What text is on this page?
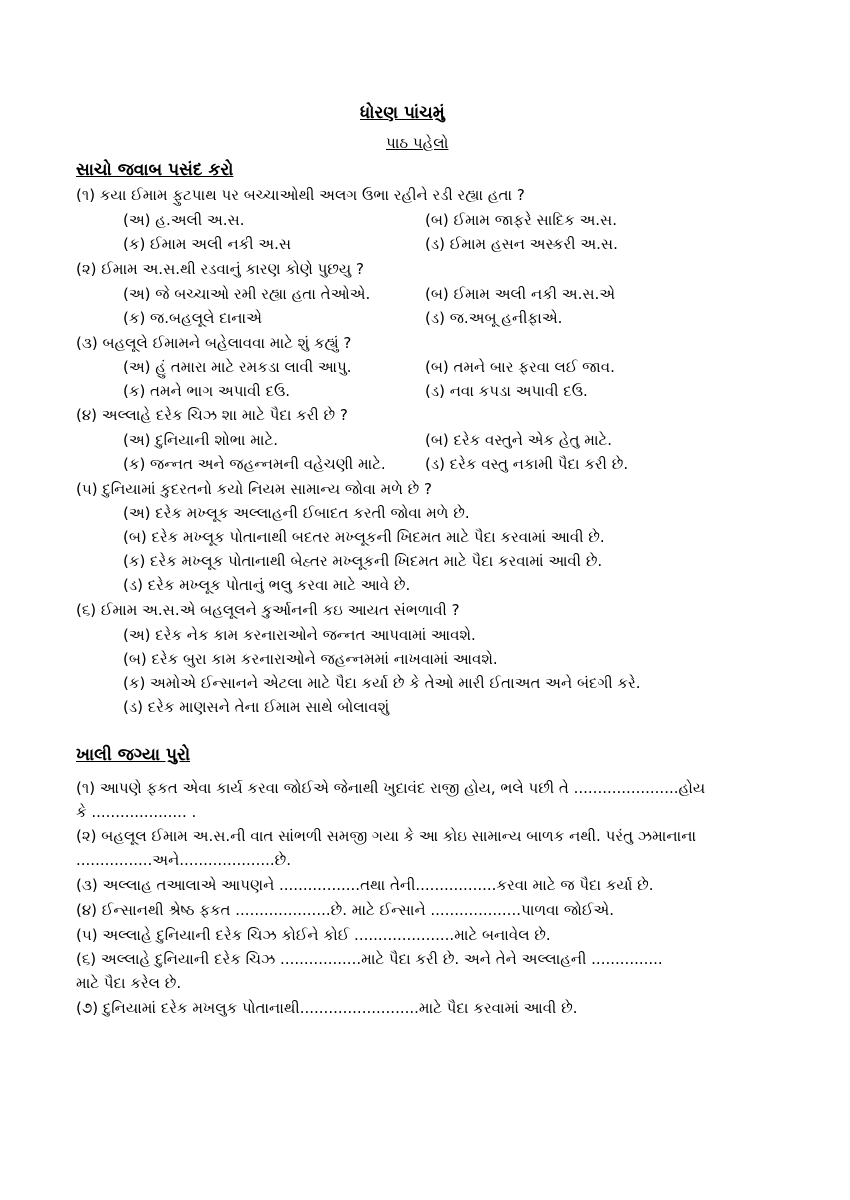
ધોરણ પાંચમું
પાઠ પહેલો
સાચો જવાબ પસંદ કરો
(૧) કયા ઈમામ ફુટપાથ પર બચ્ચાઓથી અલગ ઉભા રહીને રડી રહ્યા હતા ?
(અ) હ.અલી અ.સ.	(બ) ઈમામ જાફરે સાદિક અ.સ.
(ક) ઈમામ અલી નકી અ.સ	(ડ) ઈમામ હસન અસ્કરી અ.સ.
(૨) ઈમામ અ.સ.થી રડવાનું કારણ કોણે પુછયુ ?
(અ) જે બચ્ચાઓ રમી રહ્યા હતા તેઓએ.	(બ) ઈમામ અલી નકી અ.સ.એ
(ક) જ.બહલૂલે દાનાએ	(ડ) જ.અબૂ હનીફાએ.
(૩) બહલૂલે ઈમામને બહેલાવવા માટે શું કહ્યું ?
(અ) હું તમારા માટે રમકડા લાવી આપુ.	(બ) તમને બાર ફરવા લઈ જાવ.
(ક) તમને ભાગ અપાવી દઉ.	(ડ) નવા કપડા અપાવી દઉ.
(૪) અલ્લાહે દરેક ચિઝ શા માટે પૈદા કરી છે ?
(અ) દુનિયાની શોભા માટે.	(બ) દરેક વસ્તુને એક હેતુ માટે.
(ક) જન્નત અને જહન્નમની વહેચણી માટે.	(ડ) દરેક વસ્તુ નકામી પૈદા કરી છે.
(૫) દુનિયામાં કુદરતનો કયો નિયમ સામાન્ય જોવા મળે છે ?
(અ) દરેક મખ્લૂક અલ્લાહની ઈબાદત કરતી જોવા મળે છે.
(બ) દરેક મખ્લૂક પોતાનાથી બદતર મખ્લૂકની ખિદમત માટે પૈદા કરવામાં આવી છે.
(ક) દરેક મખ્લૂક પોતાનાથી બેહ્તર મખ્લૂકની ખિદમત માટે પૈદા કરવામાં આવી છે.
(ડ) દરેક મખ્લૂક પોતાનું ભલુ કરવા માટે આવે છે.
(૬) ઈમામ અ.સ.એ બહલૂલને કુર્આનની કઇ આયત સંભળાવી ?
(અ) દરેક નેક કામ કરનારાઓને જન્નત આપવામાં આવશે.
(બ) દરેક બુરા કામ કરનારાઓને જહન્નમમાં નાખવામાં આવશે.
(ક) અમોએ ઈન્સાનને એટલા માટે પૈદા કર્યા છે કે તેઓ મારી ઈતાઅત અને બંદગી કરે.
(ડ) દરેક માણસને તેના ઈમામ સાથે બોલાવશું
ખાલી જગ્યા પુરો
(૧) આપણે ફકત એવા કાર્ય કરવા જોઈએ જેનાથી ખુદાવંદ રાજી હોય, ભલે પછી તે ......................હોય
કે .................... .
(૨) બહલૂલ ઈમામ અ.સ.ની વાત સાંભળી સમજી ગયા કે આ કોઇ સામાન્ય બાળક નથી. પરંતુ ઝમાનાના
................અને....................છે.
(૩) અલ્લાહ તઆલાએ આપણને .................તથા તેની.................કરવા માટે જ પૈદા કર્યા છે.
(૪) ઈન્સાનથી શ્રેષ્ઠ ફકત ....................છે. માટે ઈન્સાને ...................પાળવા જોઈએ.
(૫) અલ્લાહે દુનિયાની દરેક ચિઝ કોઈને કોઈ .....................માટે બનાવેલ છે.
(૬) અલ્લાહે દુનિયાની દરેક ચિઝ .................માટે પૈદા કરી છે. અને તેને અલ્લાહની ...............
માટે પૈદા કરેલ છે.
(૭) દુનિયામાં દરેક મખલુક પોતાનાથી.........................માટે પૈદા કરવામાં આવી છે.
